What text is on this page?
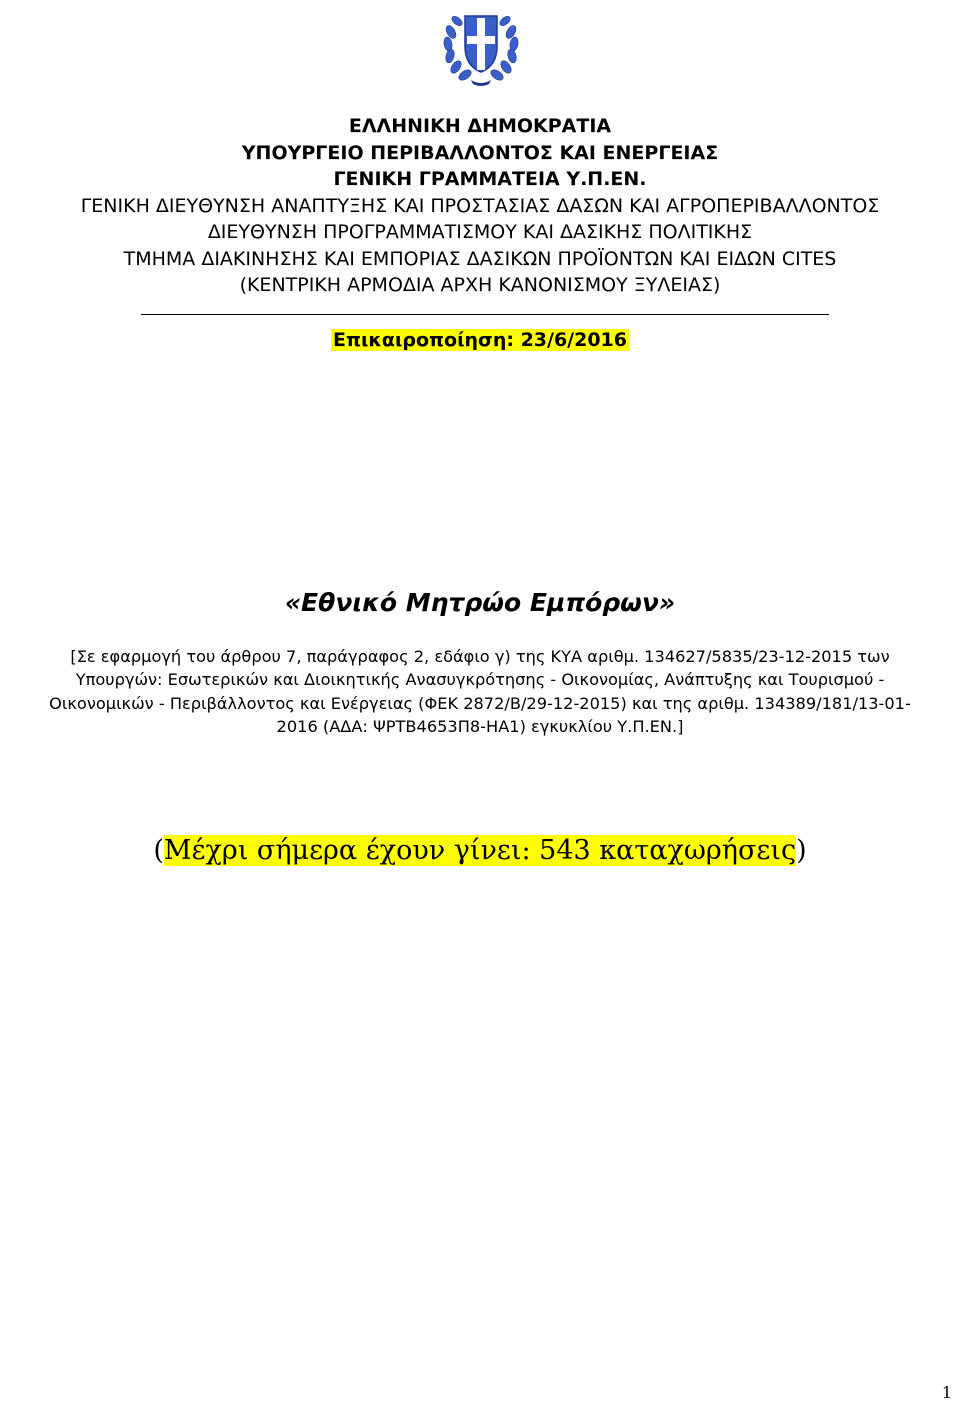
ΕΛΛΗΝΙΚΗ ΔΗΜΟΚΡΑΤΙΑ

ΥΠΟΥΡΓΕΙΟ ΠΕΡΙΒΑΛΛΟΝΤΟΣ ΚΑΙ ΕΝΕΡΓΕΙΑΣ

ΓΕΝΙΚΗ ΓΡΑΜΜΑΤΕΙΑ Υ.Π.ΕΝ.

ΓΕΝΙΚΗ ΔΙΕΥΘΥΝΣΗ ΑΝΑΠΤΥΞΗΣ ΚΑΙ ΠΡΟΣΤΑΣΙΑΣ ΔΑΣΩΝ ΚΑΙ ΑΓΡΟΠΕΡΙΒΑΛΛΟΝΤΟΣ

ΔΙΕΥΘΥΝΣΗ ΠΡΟΓΡΑΜΜΑΤΙΣΜΟΥ ΚΑΙ ΔΑΣΙΚΗΣ ΠΟΛΙΤΙΚΗΣ

ΤΜΗΜΑ ΔΙΑΚΙΝΗΣΗΣ ΚΑΙ ΕΜΠΟΡΙΑΣ ΔΑΣΙΚΩΝ ΠΡΟΪΟΝΤΩΝ ΚΑΙ ΕΙΔΩΝ CITES

(ΚΕΝΤΡΙΚΗ ΑΡΜΟΔΙΑ ΑΡΧΗ ΚΑΝΟΝΙΣΜΟΥ ΞΥΛΕΙΑΣ)

Επικαιροποίηση: 23/6/2016
«Εθνικό Μητρώο Εμπόρων»

[Σε εφαρμογή του άρθρου 7, παράγραφος 2, εδάφιο γ) της ΚΥΑ αριθμ. 134627/5835/23-12-2015 των

Υπουργών: Εσωτερικών και Διοικητικής Ανασυγκρότησης - Οικονομίας, Ανάπτυξης και Τουρισμού -

Οικονομικών - Περιβάλλοντος και Ενέργειας (ΦΕΚ 2872/Β/29-12-2015) και της αριθμ. 134389/181/13-01-

2016 (ΑΔΑ: ΨΡΤΒ4653Π8-ΗΑ1) εγκυκλίου Υ.Π.ΕΝ.]

(Μέχρι σήμερα έχουν γίνει: 543 καταχωρήσεις)
1
